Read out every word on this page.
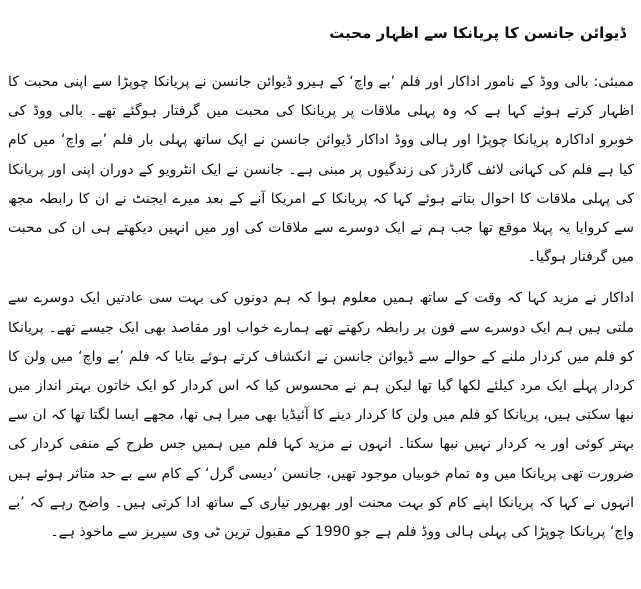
ڈیوائن جانسن کا پریانکا سے اظہار محبت

ممبئی: بالی ووڈ کے نامور اداکار اور فلم ’بے واچ‘ کے ہیرو ڈیوائن جانسن نے پریانکا چوپڑا سے اپنی محبت کا اظہار کرتے ہوئے کہا ہے کہ وہ پہلی ملاقات پر پریانکا کی محبت میں گرفتار ہوگئے تھے۔ بالی ووڈ کی خوبرو اداکارہ پریانکا چوپڑا اور ہالی ووڈ اداکار ڈیوائن جانسن نے ایک ساتھ پہلی بار فلم ’بے واچ‘ میں کام کیا ہے فلم کی کہانی لائف گارڈز کی زندگیوں پر مبنی ہے۔ جانسن نے ایک انٹرویو کے دوران اپنی اور پریانکا کی پہلی ملاقات کا احوال بتاتے ہوئے کہا کہ پریانکا کے امریکا آنے کے بعد میرے ایجنٹ نے ان کا رابطہ مجھ سے کروایا یہ پہلا موقع تھا جب ہم نے ایک دوسرے سے ملاقات کی اور میں انہیں دیکھتے ہی ان کی محبت میں گرفتار ہوگیا۔

اداکار نے مزید کہا کہ وقت کے ساتھ ہمیں معلوم ہوا کہ ہم دونوں کی بہت سی عادتیں ایک دوسرے سے ملتی ہیں ہم ایک دوسرے سے فون پر رابطہ رکھتے تھے ہمارے خواب اور مقاصد بھی ایک جیسے تھے۔ پریانکا کو فلم میں کردار ملنے کے حوالے سے ڈیوائن جانسن نے انکشاف کرتے ہوئے بتایا کہ فلم ’بے واچ‘ میں ولن کا کردار پہلے ایک مرد کیلئے لکھا گیا تھا لیکن ہم نے محسوس کیا کہ اس کردار کو ایک خاتون بہتر انداز میں نبھا سکتی ہیں، پریانکا کو فلم میں ولن کا کردار دینے کا آئیڈیا بھی میرا ہی تھا، مجھے ایسا لگتا تھا کہ ان سے بہتر کوئی اور یہ کردار نہیں نبھا سکتا۔ انہوں نے مزید کہا فلم میں ہمیں جس طرح کے منفی کردار کی ضرورت تھی پریانکا میں وہ تمام خوبیاں موجود تھیں، جانسن ’دیسی گرل‘ کے کام سے بے حد متاثر ہوئے ہیں انہوں نے کہا کہ پریانکا اپنے کام کو بہت محنت اور بھرپور تیاری کے ساتھ ادا کرتی ہیں۔ واضح رہے کہ ’بے واچ‘ پریانکا چوپڑا کی پہلی ہالی ووڈ فلم ہے جو 1990 کے مقبول ترین ٹی وی سیریز سے ماخوذ ہے۔
